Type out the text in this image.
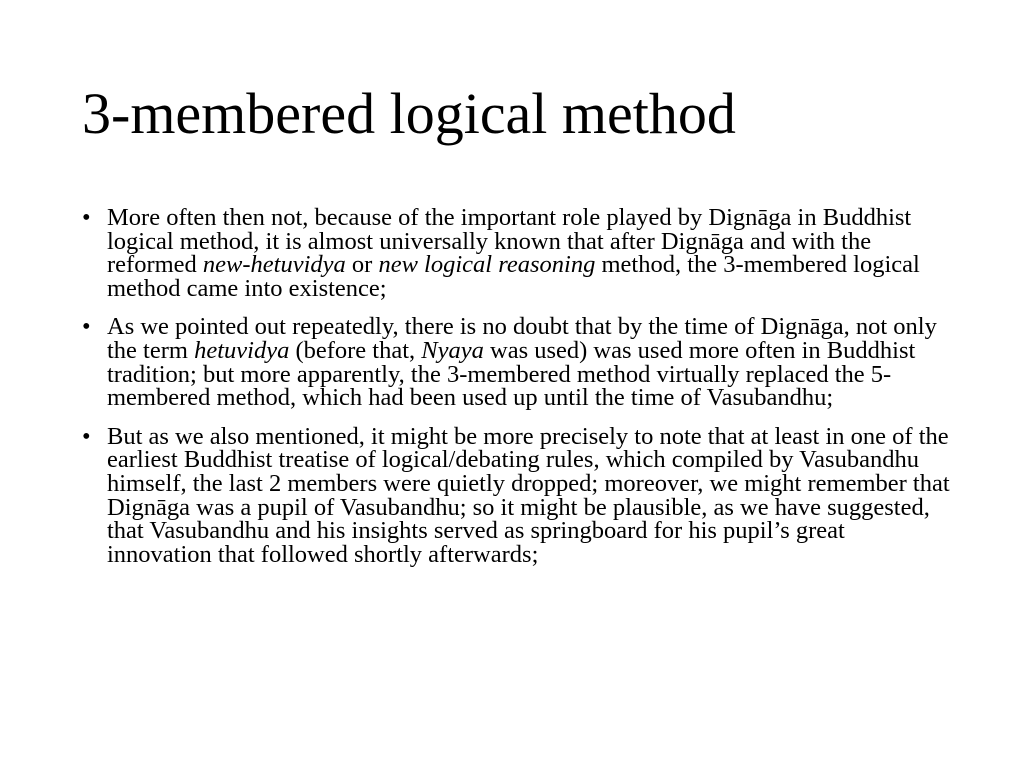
3-membered logical method
• More often then not, because of the important role played by Dignāga in Buddhist logical method, it is almost universally known that after Dignāga and with the reformed new-hetuvidya or new logical reasoning method, the 3-membered logical method came into existence;
• As we pointed out repeatedly, there is no doubt that by the time of Dignāga, not only the term hetuvidya (before that, Nyaya was used) was used more often in Buddhist tradition; but more apparently, the 3-membered method virtually replaced the 5-membered method, which had been used up until the time of Vasubandhu;
• But as we also mentioned, it might be more precisely to note that at least in one of the earliest Buddhist treatise of logical/debating rules, which compiled by Vasubandhu himself, the last 2 members were quietly dropped; moreover, we might remember that Dignāga was a pupil of Vasubandhu; so it might be plausible, as we have suggested, that Vasubandhu and his insights served as springboard for his pupil’s great innovation that followed shortly afterwards;
